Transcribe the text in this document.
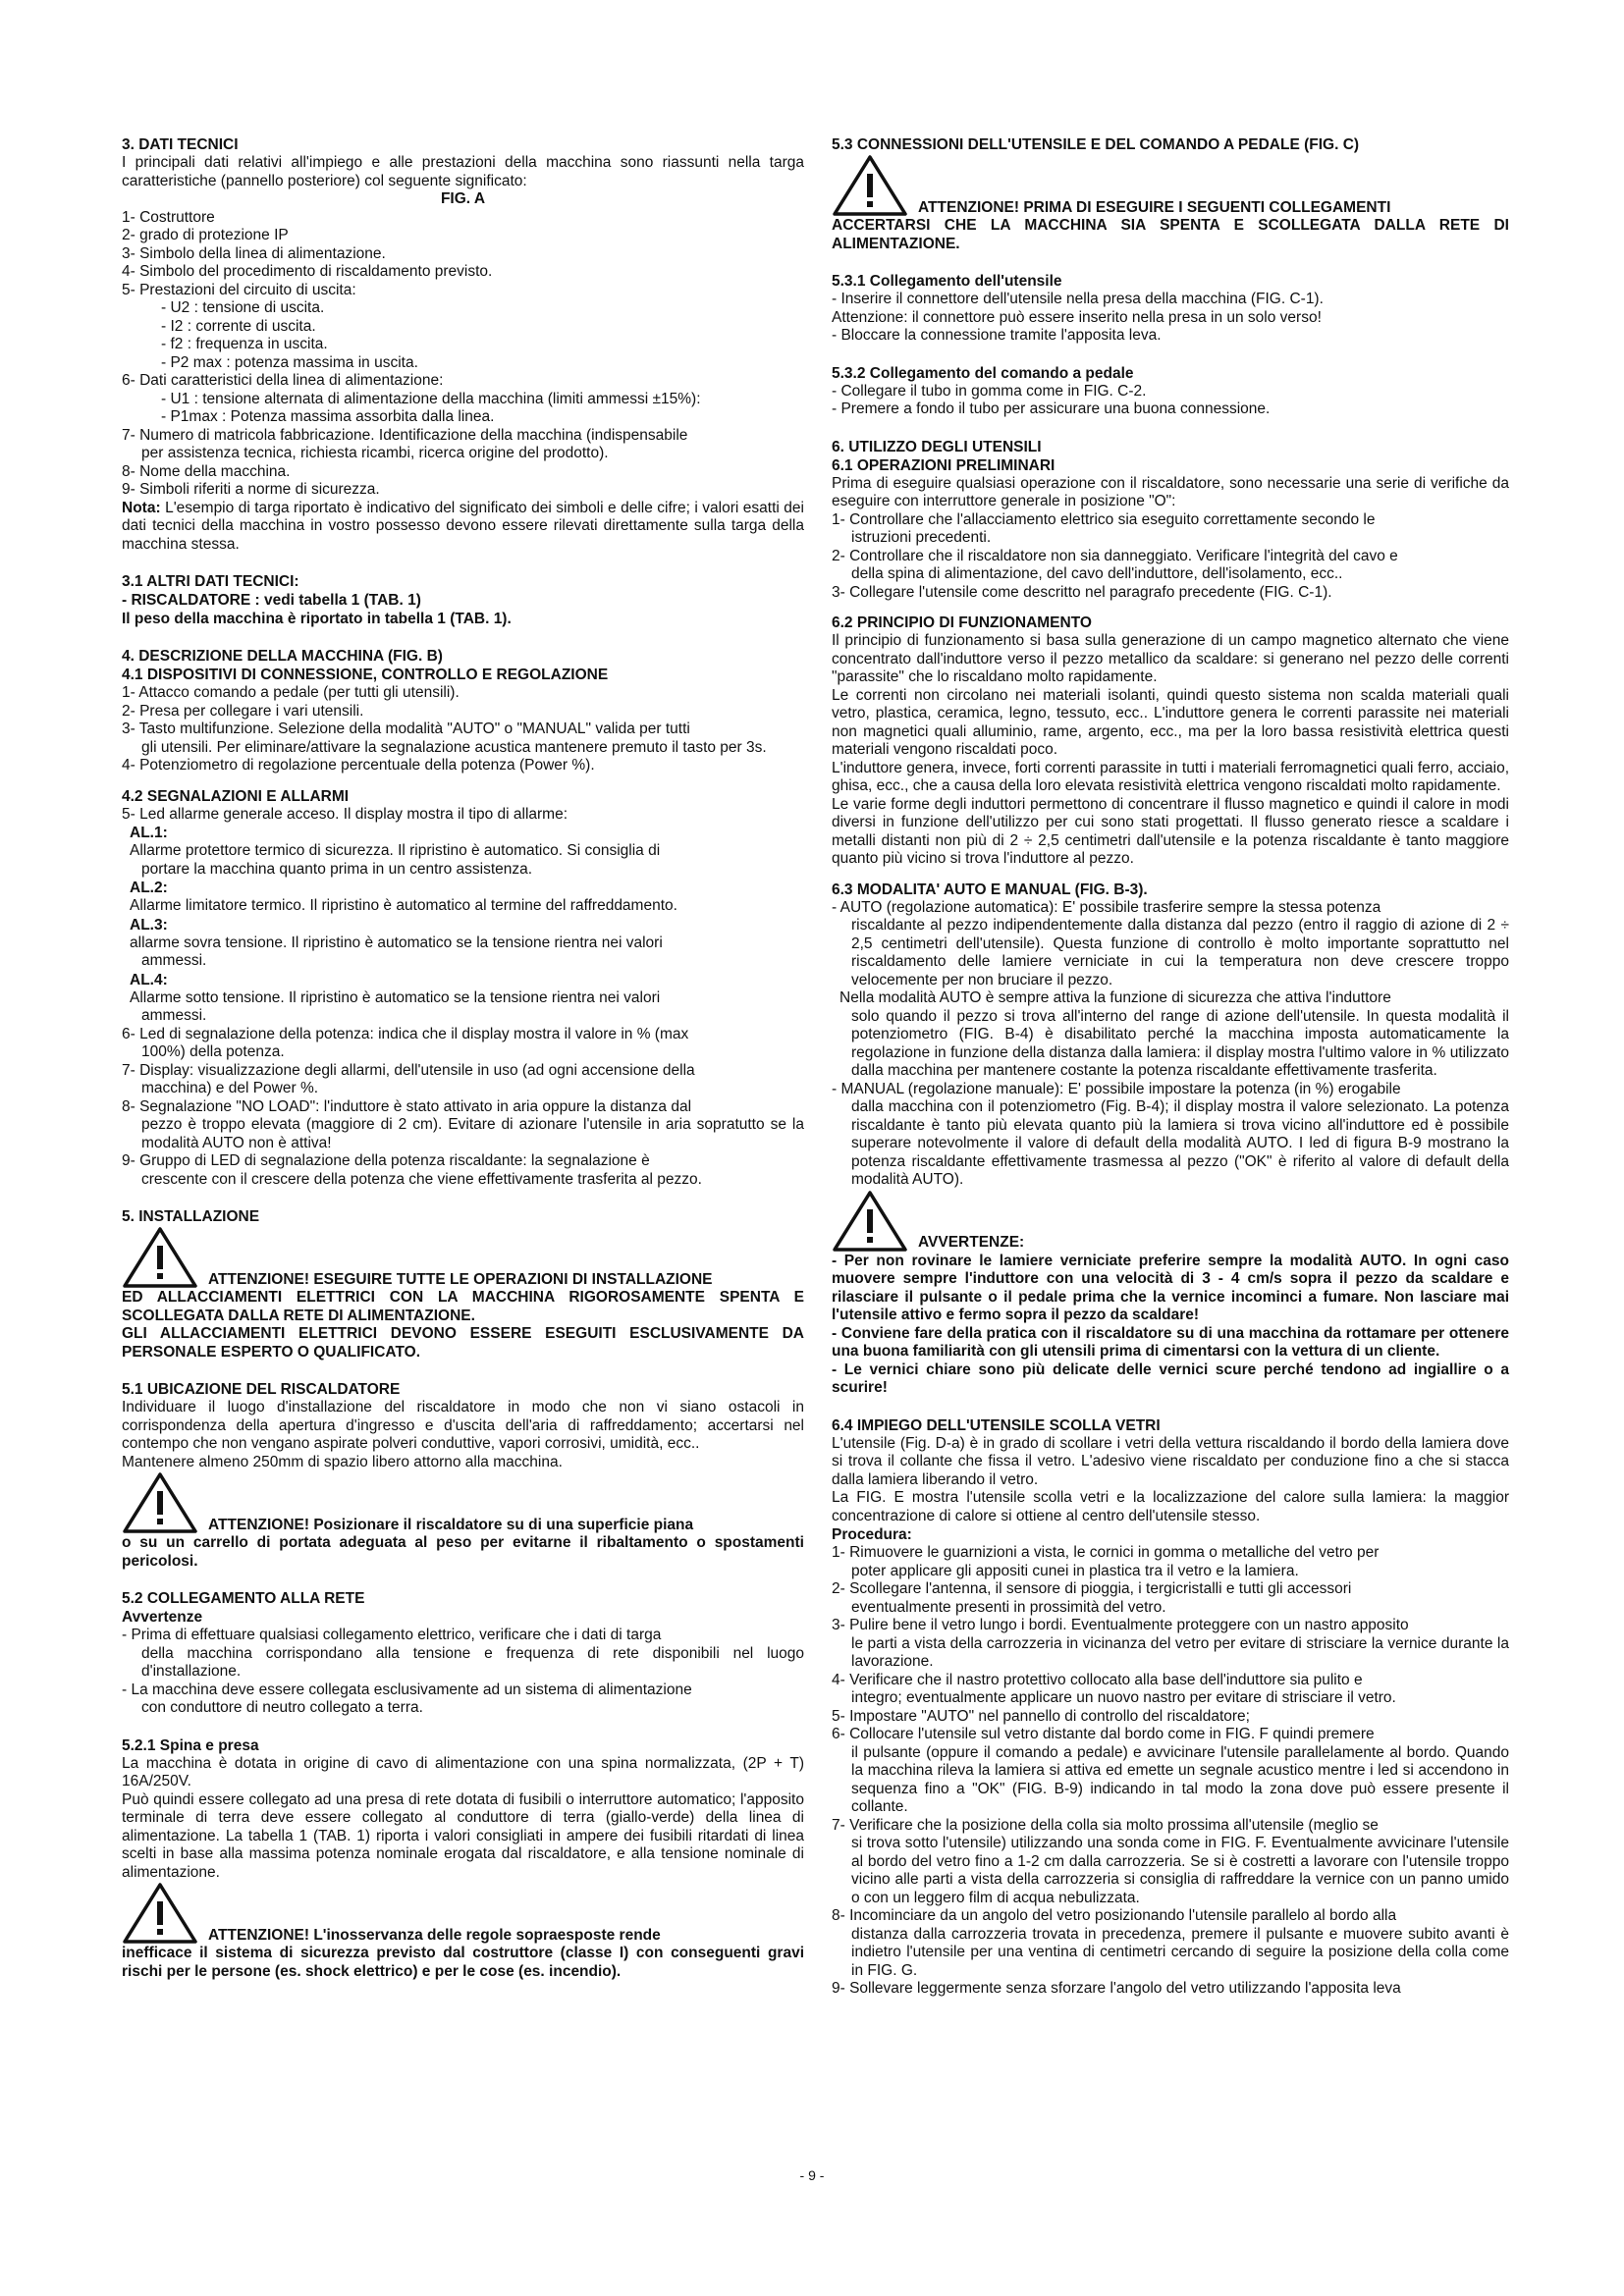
3. DATI TECNICI

I principali dati relativi all'impiego e alle prestazioni della macchina sono riassunti nella targa caratteristiche (pannello posteriore) col seguente significato:

FIG. A

1- Costruttore

2- grado di protezione IP

3- Simbolo della linea di alimentazione.

4- Simbolo del procedimento di riscaldamento previsto.

5- Prestazioni del circuito di uscita:

- U2 : tensione di uscita.

- I2 : corrente di uscita.

- f2 : frequenza in uscita.

- P2 max : potenza massima in uscita.

6- Dati caratteristici della linea di alimentazione:

- U1 : tensione alternata di alimentazione della macchina (limiti ammessi ±15%):

- P1max : Potenza massima assorbita dalla linea.

7- Numero di matricola fabbricazione. Identificazione della macchina (indispensabile

per assistenza tecnica, richiesta ricambi, ricerca origine del prodotto).

8- Nome della macchina.

9- Simboli riferiti a norme di sicurezza.

Nota: L'esempio di targa riportato è indicativo del significato dei simboli e delle cifre; i valori esatti dei dati tecnici della macchina in vostro possesso devono essere rilevati direttamente sulla targa della macchina stessa.

3.1 ALTRI DATI TECNICI:

- RISCALDATORE : vedi tabella 1 (TAB. 1)

Il peso della macchina è riportato in tabella 1 (TAB. 1).

4. DESCRIZIONE DELLA MACCHINA (FIG. B)

4.1 DISPOSITIVI DI CONNESSIONE, CONTROLLO E REGOLAZIONE

1- Attacco comando a pedale (per tutti gli utensili).

2- Presa per collegare i vari utensili.

3- Tasto multifunzione. Selezione della modalità "AUTO" o "MANUAL" valida per tutti

gli utensili. Per eliminare/attivare la segnalazione acustica mantenere premuto il tasto per 3s.

4- Potenziometro di regolazione percentuale della potenza (Power %).

4.2 SEGNALAZIONI E ALLARMI

5- Led allarme generale acceso. Il display mostra il tipo di allarme:

AL.1:

Allarme protettore termico di sicurezza. Il ripristino è automatico. Si consiglia di

portare la macchina quanto prima in un centro assistenza.

AL.2:

Allarme limitatore termico. Il ripristino è automatico al termine del raffreddamento.

AL.3:

allarme sovra tensione. Il ripristino è automatico se la tensione rientra nei valori

ammessi.

AL.4:

Allarme sotto tensione. Il ripristino è automatico se la tensione rientra nei valori

ammessi.

6- Led di segnalazione della potenza: indica che il display mostra il valore in % (max

100%) della potenza.

7- Display: visualizzazione degli allarmi, dell'utensile in uso (ad ogni accensione della

macchina) e del Power %.

8- Segnalazione "NO LOAD": l'induttore è stato attivato in aria oppure la distanza dal

pezzo è troppo elevata (maggiore di 2 cm). Evitare di azionare l'utensile in aria sopratutto se la modalità AUTO non è attiva!

9- Gruppo di LED di segnalazione della potenza riscaldante: la segnalazione è

crescente con il crescere della potenza che viene effettivamente trasferita al pezzo.

5. INSTALLAZIONE

ATTENZIONE! ESEGUIRE TUTTE LE OPERAZIONI DI INSTALLAZIONE

ED ALLACCIAMENTI ELETTRICI CON LA MACCHINA RIGOROSAMENTE SPENTA E SCOLLEGATA DALLA RETE DI ALIMENTAZIONE.

GLI ALLACCIAMENTI ELETTRICI DEVONO ESSERE ESEGUITI ESCLUSIVAMENTE DA PERSONALE ESPERTO O QUALIFICATO.

5.1 UBICAZIONE DEL RISCALDATORE

Individuare il luogo d'installazione del riscaldatore in modo che non vi siano ostacoli in corrispondenza della apertura d'ingresso e d'uscita dell'aria di raffreddamento; accertarsi nel contempo che non vengano aspirate polveri conduttive, vapori corrosivi, umidità, ecc..

Mantenere almeno 250mm di spazio libero attorno alla macchina.

ATTENZIONE! Posizionare il riscaldatore su di una superficie piana

o su un carrello di portata adeguata al peso per evitarne il ribaltamento o spostamenti pericolosi.

5.2 COLLEGAMENTO ALLA RETE

Avvertenze

- Prima di effettuare qualsiasi collegamento elettrico, verificare che i dati di targa

della macchina corrispondano alla tensione e frequenza di rete disponibili nel luogo d'installazione.

- La macchina deve essere collegata esclusivamente ad un sistema di alimentazione

con conduttore di neutro collegato a terra.

5.2.1 Spina e presa

La macchina è dotata in origine di cavo di alimentazione con una spina normalizzata, (2P + T) 16A/250V.

Può quindi essere collegato ad una presa di rete dotata di fusibili o interruttore automatico; l'apposito terminale di terra deve essere collegato al conduttore di terra (giallo-verde) della linea di alimentazione. La tabella 1 (TAB. 1) riporta i valori consigliati in ampere dei fusibili ritardati di linea scelti in base alla massima potenza nominale erogata dal riscaldatore, e alla tensione nominale di alimentazione.

ATTENZIONE! L'inosservanza delle regole sopraesposte rende

inefficace il sistema di sicurezza previsto dal costruttore (classe I) con conseguenti gravi rischi per le persone (es. shock elettrico) e per le cose (es. incendio).

5.3 CONNESSIONI DELL'UTENSILE E DEL COMANDO A PEDALE (FIG. C)

ATTENZIONE! PRIMA DI ESEGUIRE I SEGUENTI COLLEGAMENTI

ACCERTARSI CHE LA MACCHINA SIA SPENTA E SCOLLEGATA DALLA RETE DI ALIMENTAZIONE.

5.3.1 Collegamento dell'utensile

- Inserire il connettore dell'utensile nella presa della macchina (FIG. C-1).

Attenzione: il connettore può essere inserito nella presa in un solo verso!

- Bloccare la connessione tramite l'apposita leva.

5.3.2 Collegamento del comando a pedale

- Collegare il tubo in gomma come in FIG. C-2.

- Premere a fondo il tubo per assicurare una buona connessione.

6. UTILIZZO DEGLI UTENSILI

6.1 OPERAZIONI PRELIMINARI

Prima di eseguire qualsiasi operazione con il riscaldatore, sono necessarie una serie di verifiche da eseguire con interruttore generale in posizione "O":

1- Controllare che l'allacciamento elettrico sia eseguito correttamente secondo le

istruzioni precedenti.

2- Controllare che il riscaldatore non sia danneggiato. Verificare l'integrità del cavo e

della spina di alimentazione, del cavo dell'induttore, dell'isolamento, ecc..

3- Collegare l'utensile come descritto nel paragrafo precedente (FIG. C-1).

6.2 PRINCIPIO DI FUNZIONAMENTO

Il principio di funzionamento si basa sulla generazione di un campo magnetico alternato che viene concentrato dall'induttore verso il pezzo metallico da scaldare: si generano nel pezzo delle correnti "parassite" che lo riscaldano molto rapidamente.

Le correnti non circolano nei materiali isolanti, quindi questo sistema non scalda materiali quali vetro, plastica, ceramica, legno, tessuto, ecc.. L'induttore genera le correnti parassite nei materiali non magnetici quali alluminio, rame, argento, ecc., ma per la loro bassa resistività elettrica questi materiali vengono riscaldati poco.

L'induttore genera, invece, forti correnti parassite in tutti i materiali ferromagnetici quali ferro, acciaio, ghisa, ecc., che a causa della loro elevata resistività elettrica vengono riscaldati molto rapidamente.

Le varie forme degli induttori permettono di concentrare il flusso magnetico e quindi il calore in modi diversi in funzione dell'utilizzo per cui sono stati progettati. Il flusso generato riesce a scaldare i metalli distanti non più di 2 ÷ 2,5 centimetri dall'utensile e la potenza riscaldante è tanto maggiore quanto più vicino si trova l'induttore al pezzo.

6.3 MODALITA' AUTO E MANUAL (FIG. B-3).

- AUTO (regolazione automatica): E' possibile trasferire sempre la stessa potenza

riscaldante al pezzo indipendentemente dalla distanza dal pezzo (entro il raggio di azione di 2 ÷ 2,5 centimetri dell'utensile). Questa funzione di controllo è molto importante soprattutto nel riscaldamento delle lamiere verniciate in cui la temperatura non deve crescere troppo velocemente per non bruciare il pezzo.

Nella modalità AUTO è sempre attiva la funzione di sicurezza che attiva l'induttore

solo quando il pezzo si trova all'interno del range di azione dell'utensile. In questa modalità il potenziometro (FIG. B-4) è disabilitato perché la macchina imposta automaticamente la regolazione in funzione della distanza dalla lamiera: il display mostra l'ultimo valore in % utilizzato dalla macchina per mantenere costante la potenza riscaldante effettivamente trasferita.

- MANUAL (regolazione manuale): E' possibile impostare la potenza (in %) erogabile

dalla macchina con il potenziometro (Fig. B-4); il display mostra il valore selezionato. La potenza riscaldante è tanto più elevata quanto più la lamiera si trova vicino all'induttore ed è possibile superare notevolmente il valore di default della modalità AUTO. I led di figura B-9 mostrano la potenza riscaldante effettivamente trasmessa al pezzo ("OK" è riferito al valore di default della modalità AUTO).

AVVERTENZE:

- Per non rovinare le lamiere verniciate preferire sempre la modalità AUTO. In ogni caso muovere sempre l'induttore con una velocità di 3 - 4 cm/s sopra il pezzo da scaldare e rilasciare il pulsante o il pedale prima che la vernice incominci a fumare. Non lasciare mai l'utensile attivo e fermo sopra il pezzo da scaldare!

- Conviene fare della pratica con il riscaldatore su di una macchina da rottamare per ottenere una buona familiarità con gli utensili prima di cimentarsi con la vettura di un cliente.

- Le vernici chiare sono più delicate delle vernici scure perché tendono ad ingiallire o a scurire!

6.4 IMPIEGO DELL'UTENSILE SCOLLA VETRI

L'utensile (Fig. D-a) è in grado di scollare i vetri della vettura riscaldando il bordo della lamiera dove si trova il collante che fissa il vetro. L'adesivo viene riscaldato per conduzione fino a che si stacca dalla lamiera liberando il vetro.

La FIG. E mostra l'utensile scolla vetri e la localizzazione del calore sulla lamiera: la maggior concentrazione di calore si ottiene al centro dell'utensile stesso.

Procedura:

1- Rimuovere le guarnizioni a vista, le cornici in gomma o metalliche del vetro per

poter applicare gli appositi cunei in plastica tra il vetro e la lamiera.

2- Scollegare l'antenna, il sensore di pioggia, i tergicristalli e tutti gli accessori

eventualmente presenti in prossimità del vetro.

3- Pulire bene il vetro lungo i bordi. Eventualmente proteggere con un nastro apposito

le parti a vista della carrozzeria in vicinanza del vetro per evitare di strisciare la vernice durante la lavorazione.

4- Verificare che il nastro protettivo collocato alla base dell'induttore sia pulito e

integro; eventualmente applicare un nuovo nastro per evitare di strisciare il vetro.

5- Impostare "AUTO" nel pannello di controllo del riscaldatore;

6- Collocare l'utensile sul vetro distante dal bordo come in FIG. F quindi premere

il pulsante (oppure il comando a pedale) e avvicinare l'utensile parallelamente al bordo. Quando la macchina rileva la lamiera si attiva ed emette un segnale acustico mentre i led si accendono in sequenza fino a "OK" (FIG. B-9) indicando in tal modo la zona dove può essere presente il collante.

7- Verificare che la posizione della colla sia molto prossima all'utensile (meglio se

si trova sotto l'utensile) utilizzando una sonda come in FIG. F. Eventualmente avvicinare l'utensile al bordo del vetro fino a 1-2 cm dalla carrozzeria. Se si è costretti a lavorare con l'utensile troppo vicino alle parti a vista della carrozzeria si consiglia di raffreddare la vernice con un panno umido o con un leggero film di acqua nebulizzata.

8- Incominciare da un angolo del vetro posizionando l'utensile parallelo al bordo alla

distanza dalla carrozzeria trovata in precedenza, premere il pulsante e muovere subito avanti è indietro l'utensile per una ventina di centimetri cercando di seguire la posizione della colla come in FIG. G.

9- Sollevare leggermente senza sforzare l'angolo del vetro utilizzando l'apposita leva

- 9 -
